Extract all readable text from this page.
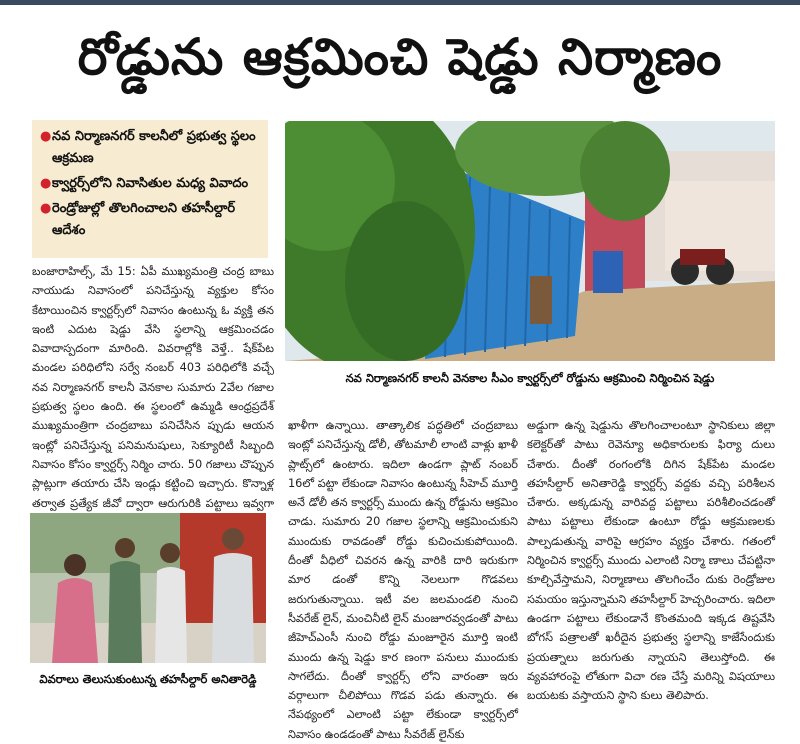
రోడ్డును ఆక్రమించి షెడ్డు నిర్మాణం
● నవ నిర్మాణనగర్ కాలనీలో ప్రభుత్వ స్థలం ఆక్రమణ
● క్వార్టర్స్‌లోని నివాసితుల మధ్య వివాదం
● రెండ్రోజుల్లో తొలగించాలని తహసీల్దార్ ఆదేశం

బంజారాహిల్స్, మే 15: ఏపీ ముఖ్యమంత్రి చంద్ర బాబు నాయుడు నివాసంలో పనిచేస్తున్న వ్యక్తుల కోసం కేటాయించిన క్వార్టర్స్‌లో నివాసం ఉంటున్న ఓ వ్యక్తి తన ఇంటి ఎదుట షెడ్డు వేసి స్థలాన్ని ఆక్రమించడం వివాదాస్పదంగా మారింది. వివరాల్లోకి వెళ్తే.. షేక్‌పేట మండల పరిధిలోని సర్వే నంబర్ 403 పరిధిలోకి వచ్చే నవ నిర్మాణనగర్ కాలనీ వెనకాల సుమారు 2వేల గజాల ప్రభుత్వ స్థలం ఉంది. ఈ స్థలంలో ఉమ్మడి ఆంధ్రప్రదేశ్ ముఖ్యమంత్రిగా చంద్రబాబు పనిచేసిన ప్పుడు ఆయన ఇంట్లో పనిచేస్తున్న పనిమనుషులు, సెక్యూరిటీ సిబ్బంది నివాసం కోసం క్వార్టర్స్ నిర్మిం చారు. 50 గజాలు చొప్పున ప్లాట్లుగా తయారు చేసి ఇండ్లు కట్టించి ఇచ్చారు. కొన్నాళ్ల తర్వాత ప్రత్యేక జీవో ద్వారా ఆరుగురికి పట్టాలు ఇవ్వగా

నవ నిర్మాణనగర్ కాలనీ వెనకాల సీఎం క్వార్టర్స్‌లో రోడ్డును ఆక్రమించి నిర్మించిన షెడ్డు

ఖాళీగా ఉన్నాయి. తాత్కాలిక పద్ధతిలో చంద్రబాబు ఇంట్లో పనిచేస్తున్న డోలీ, తోటమాలీ లాంటి వాళ్లు ఖాళీ ప్లాట్స్‌లో ఉంటారు. ఇదిలా ఉండగా ప్లాట్ నంబర్ 16లో పట్టా లేకుండా నివాసం ఉంటున్న సీహెచ్ మూర్తి అనే డోలీ తన క్వార్టర్స్ ముందు ఉన్న రోడ్డును ఆక్రమిం చాడు. సుమారు 20 గజాల స్థలాన్ని ఆక్రమించుకుని ముందుకు రావడంతో రోడ్డు కుచించుకుపోయింది. దీంతో వీధిలో చివరన ఉన్న వారికి దారి ఇరుకుగా మార డంతో కొన్ని నెలలుగా గొడవలు జరుగుతున్నాయి. ఇటీ వల జలమండలి నుంచి సీవరేజ్ లైన్, మంచినీటి లైన్ మంజూరవ్వడంతో పాటు జీహెచ్ఎంసీ నుంచి రోడ్డు మంజూరైన మూర్తి ఇంటి ముందు ఉన్న షెడ్డు కార ణంగా పనులు ముందుకు సాగలేదు. దీంతో క్వార్టర్స్‌ లోని వారంతా ఇరు వర్గాలుగా చీలిపోయి గొడవ పడు తున్నారు. ఈ నేపథ్యంలో ఎలాంటి పట్టా లేకుండా క్వార్టర్స్‌లో నివాసం ఉండడంతో పాటు సీవరేజ్ లైన్‌కు

అడ్డుగా ఉన్న షెడ్డును తొలగించాలంటూ స్థానికులు జిల్లా కలెక్టర్‌తో పాటు రెవెన్యూ అధికారులకు ఫిర్యా దులు చేశారు. దీంతో రంగంలోకి దిగిన షేక్‌పేట మండల తహసీల్దార్ అనితారెడ్డి క్వార్టర్స్ వద్దకు వచ్చి పరిశీలన చేశారు. అక్కడున్న వారివద్ద పట్టాలు పరిశీలించడంతో పాటు పట్టాలు లేకుండా ఉంటూ రోడ్డు ఆక్రమణలకు పాల్పడుతున్న వారిపై ఆగ్రహం వ్యక్తం చేశారు. గతంలో నిర్మించిన క్వార్టర్స్ ముందు ఎలాంటి నిర్మా ణాలు చేపట్టినా కూల్చివేస్తామని, నిర్మాణాలు తొలగించేం దుకు రెండ్రోజుల సమయం ఇస్తున్నామని తహసీల్దార్ హెచ్చరించారు. ఇదిలా ఉండగా పట్టాలు లేకుండానే కొంతమంది ఇక్కడ తిష్టవేసి బోగస్ పత్రాలతో ఖరీదైన ప్రభుత్వ స్థలాన్ని కాజేసేందుకు ప్రయత్నాలు జరుగుతు న్నాయని తెలుస్తోంది. ఈ వ్యవహారంపై లోతుగా విచా రణ చేస్తే మరిన్ని విషయాలు బయటకు వస్తాయని స్థాని కులు తెలిపారు.

వివరాలు తెలుసుకుంటున్న తహసీల్దార్ అనితారెడ్డి
